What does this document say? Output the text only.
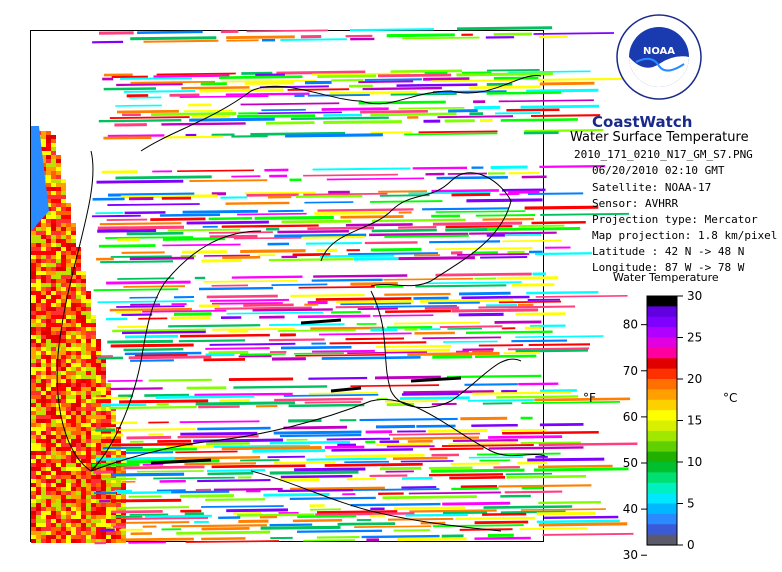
NOAA
CoastWatch
Water Surface Temperature
2010_171_0210_N17_GM_S7.PNG
06/20/2010 02:10 GMT
Satellite: NOAA-17
Sensor: AVHRR
Projection type: Mercator
Map projection: 1.8 km/pixel
Latitude : 42 N -> 48 N
Longitude: 87 W -> 78 W
Water Temperature
°F	°C
30
40
50
60
70
80
0
5
10
15
20
25
30
